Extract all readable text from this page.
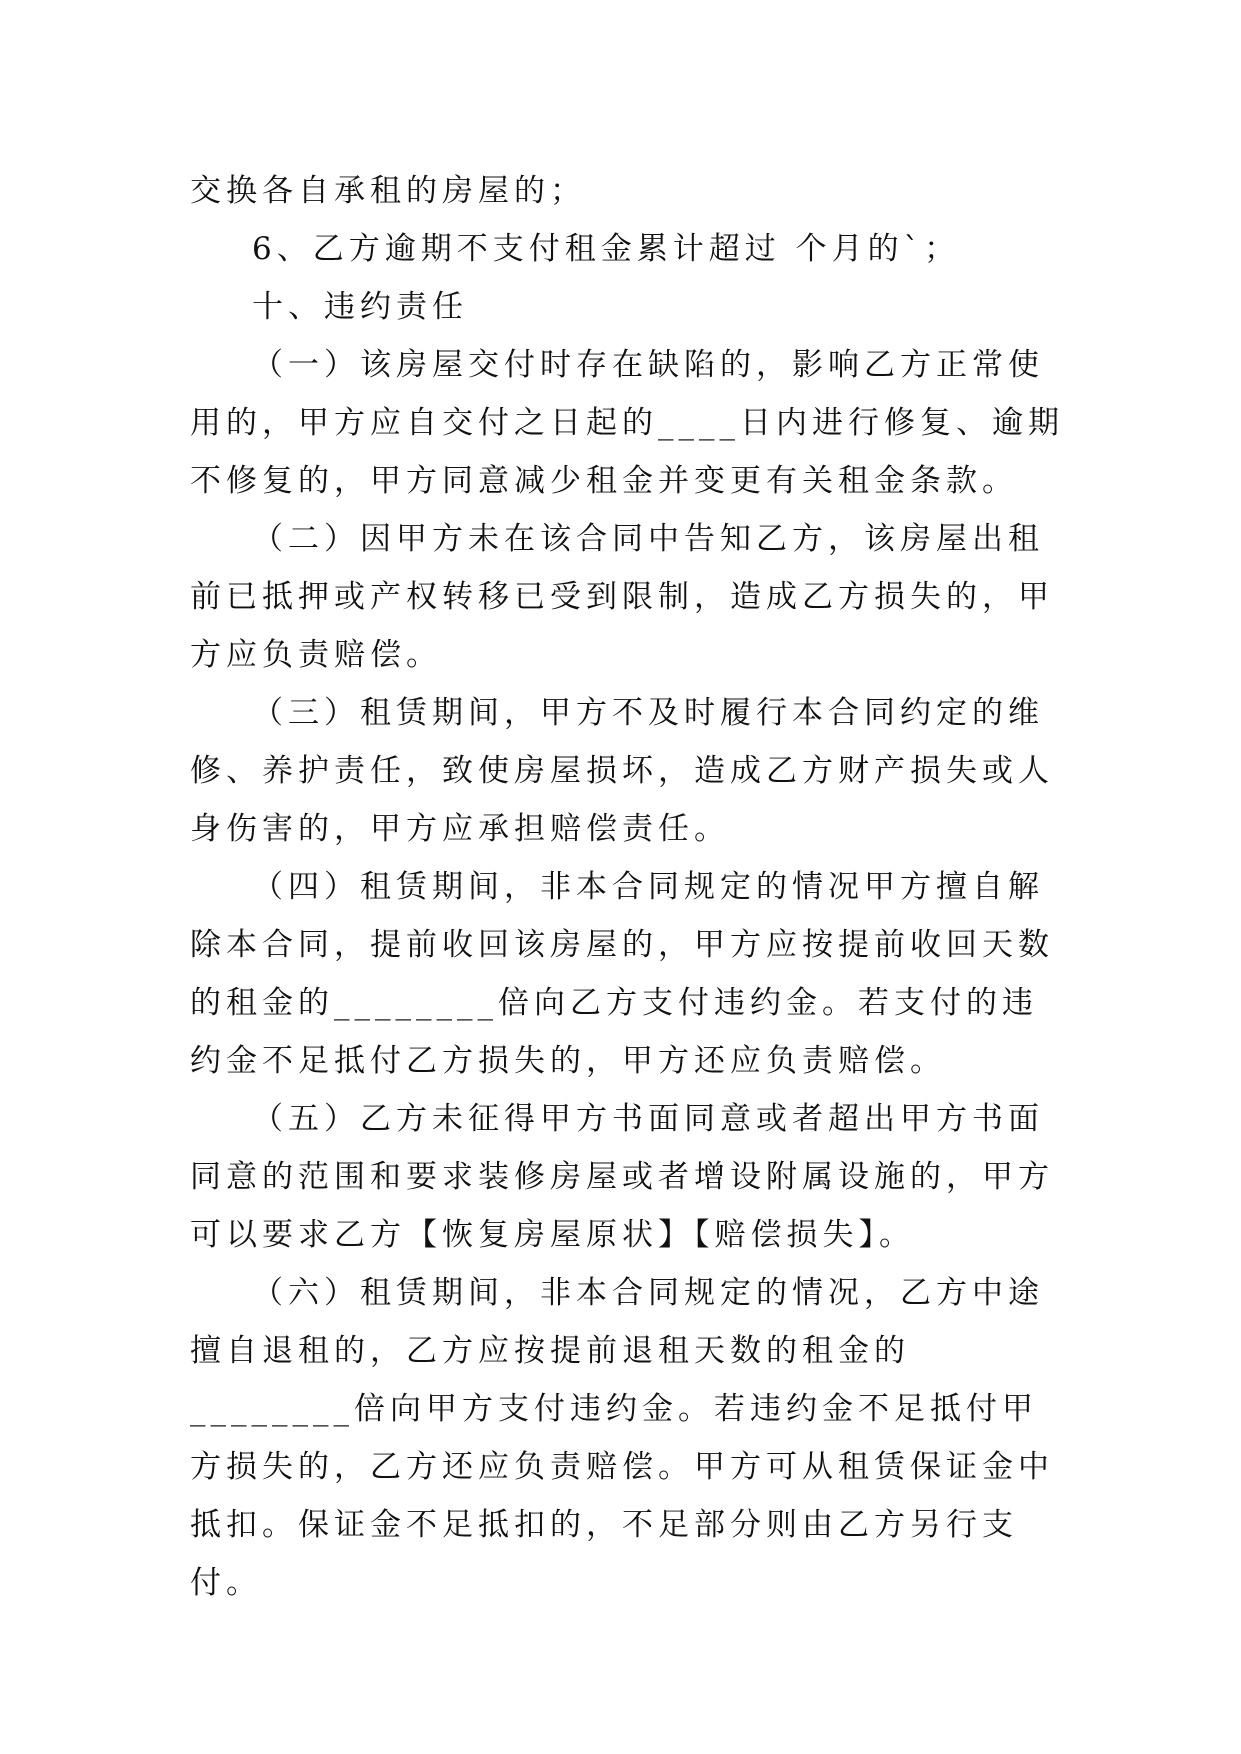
交换各自承租的房屋的；

6、乙方逾期不支付租金累计超过 个月的`；

十、违约责任

（一）该房屋交付时存在缺陷的，影响乙方正常使用的，甲方应自交付之日起的____日内进行修复、逾期不修复的，甲方同意减少租金并变更有关租金条款。

（二）因甲方未在该合同中告知乙方，该房屋出租前已抵押或产权转移已受到限制，造成乙方损失的，甲方应负责赔偿。

（三）租赁期间，甲方不及时履行本合同约定的维修、养护责任，致使房屋损坏，造成乙方财产损失或人身伤害的，甲方应承担赔偿责任。

（四）租赁期间，非本合同规定的情况甲方擅自解除本合同，提前收回该房屋的，甲方应按提前收回天数的租金的________倍向乙方支付违约金。若支付的违约金不足抵付乙方损失的，甲方还应负责赔偿。

（五）乙方未征得甲方书面同意或者超出甲方书面同意的范围和要求装修房屋或者增设附属设施的，甲方可以要求乙方【恢复房屋原状】【赔偿损失】。

（六）租赁期间，非本合同规定的情况，乙方中途擅自退租的，乙方应按提前退租天数的租金的________倍向甲方支付违约金。若违约金不足抵付甲方损失的，乙方还应负责赔偿。甲方可从租赁保证金中抵扣。保证金不足抵扣的，不足部分则由乙方另行支付。
